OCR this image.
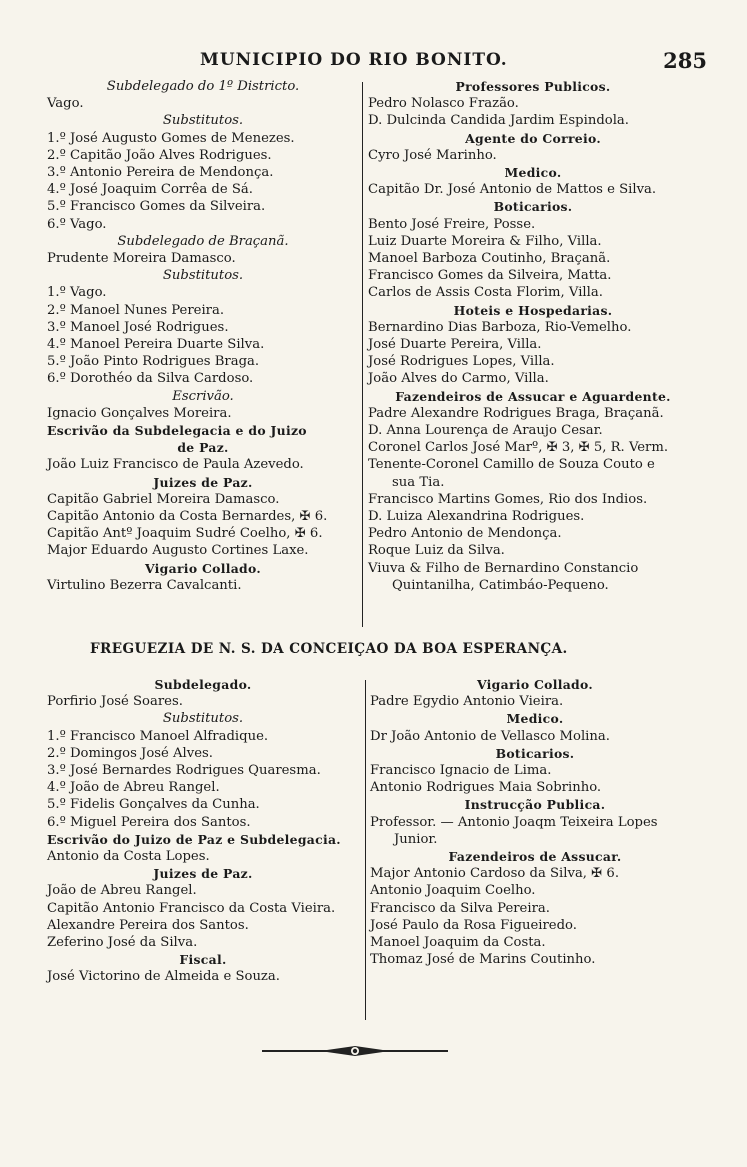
MUNICIPIO DO RIO BONITO.	285
Subdelegado do 1º Districto.
Vago.
Substitutos.
1.º José Augusto Gomes de Menezes.
2.º Capitão João Alves Rodrigues.
3.º Antonio Pereira de Mendonça.
4.º José Joaquim Corrêa de Sá.
5.º Francisco Gomes da Silveira.
6.º Vago.
Subdelegado de Braçanã.
Prudente Moreira Damasco.
Substitutos.
1.º Vago.
2.º Manoel Nunes Pereira.
3.º Manoel José Rodrigues.
4.º Manoel Pereira Duarte Silva.
5.º João Pinto Rodrigues Braga.
6.º Dorothéo da Silva Cardoso.
Escrivão.
Ignacio Gonçalves Moreira.
Escrivão da Subdelegacia e do Juizo
de Paz.
João Luiz Francisco de Paula Azevedo.
Juizes de Paz.
Capitão Gabriel Moreira Damasco.
Capitão Antonio da Costa Bernardes, ✠ 6.
Capitão Antº Joaquim Sudré Coelho, ✠ 6.
Major Eduardo Augusto Cortines Laxe.
Vigario Collado.
Virtulino Bezerra Cavalcanti.
Professores Publicos.
Pedro Nolasco Frazão.
D. Dulcinda Candida Jardim Espindola.
Agente do Correio.
Cyro José Marinho.
Medico.
Capitão Dr. José Antonio de Mattos e Silva.
Boticarios.
Bento José Freire, Posse.
Luiz Duarte Moreira & Filho, Villa.
Manoel Barboza Coutinho, Braçanã.
Francisco Gomes da Silveira, Matta.
Carlos de Assis Costa Florim, Villa.
Hoteis e Hospedarias.
Bernardino Dias Barboza, Rio-Vemelho.
José Duarte Pereira, Villa.
José Rodrigues Lopes, Villa.
João Alves do Carmo, Villa.
Fazendeiros de Assucar e Aguardente.
Padre Alexandre Rodrigues Braga, Braçanã.
D. Anna Lourença de Araujo Cesar.
Coronel Carlos José Marº, ✠ 3, ✠ 5, R. Verm.
Tenente-Coronel Camillo de Souza Couto e
sua Tia.
Francisco Martins Gomes, Rio dos Indios.
D. Luiza Alexandrina Rodrigues.
Pedro Antonio de Mendonça.
Roque Luiz da Silva.
Viuva & Filho de Bernardino Constancio
Quintanilha, Catimbáo-Pequeno.
FREGUEZIA DE N. S. DA CONCEIÇAO DA BOA ESPERANÇA.
Subdelegado.
Porfirio José Soares.
Substitutos.
1.º Francisco Manoel Alfradique.
2.º Domingos José Alves.
3.º José Bernardes Rodrigues Quaresma.
4.º João de Abreu Rangel.
5.º Fidelis Gonçalves da Cunha.
6.º Miguel Pereira dos Santos.
Escrivão do Juizo de Paz e Subdelegacia.
Antonio da Costa Lopes.
Juizes de Paz.
João de Abreu Rangel.
Capitão Antonio Francisco da Costa Vieira.
Alexandre Pereira dos Santos.
Zeferino José da Silva.
Fiscal.
José Victorino de Almeida e Souza.
Vigario Collado.
Padre Egydio Antonio Vieira.
Medico.
Dr João Antonio de Vellasco Molina.
Boticarios.
Francisco Ignacio de Lima.
Antonio Rodrigues Maia Sobrinho.
Instrucção Publica.
Professor. — Antonio Joaqm Teixeira Lopes
Junior.
Fazendeiros de Assucar.
Major Antonio Cardoso da Silva, ✠ 6.
Antonio Joaquim Coelho.
Francisco da Silva Pereira.
José Paulo da Rosa Figueiredo.
Manoel Joaquim da Costa.
Thomaz José de Marins Coutinho.
